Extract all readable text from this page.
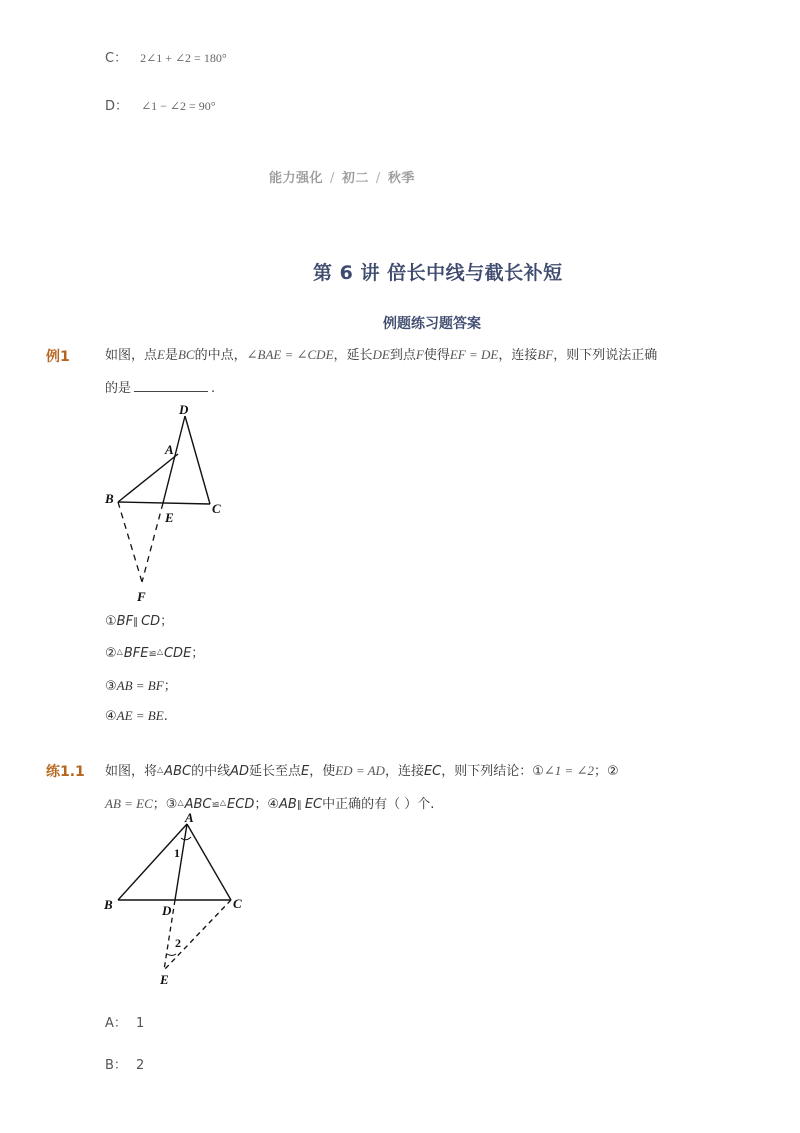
C： 2∠1 + ∠2 = 180°
D： ∠1 − ∠2 = 90°
能力强化 / 初二 / 秋季
第 6 讲 倍长中线与截长补短
例题练习题答案
例1	如图，点E是BC的中点，∠BAE = ∠CDE，延长DE到点F使得EF = DE，连接BF，则下列说法正确
的是	.
D
A
B
C
E
F
①BF∥ CD；
②△BFE≌△CDE；
③AB = BF；
④AE = BE.
练1.1 如图，将△ABC的中线AD延长至点E，使ED = AD，连接EC，则下列结论：①∠1 = ∠2；②
AB = EC；③△ABC≌△ECD；④AB∥ EC中正确的有（ ）个.
A
B	C
D
E
1
2
A： 1
B： 2
